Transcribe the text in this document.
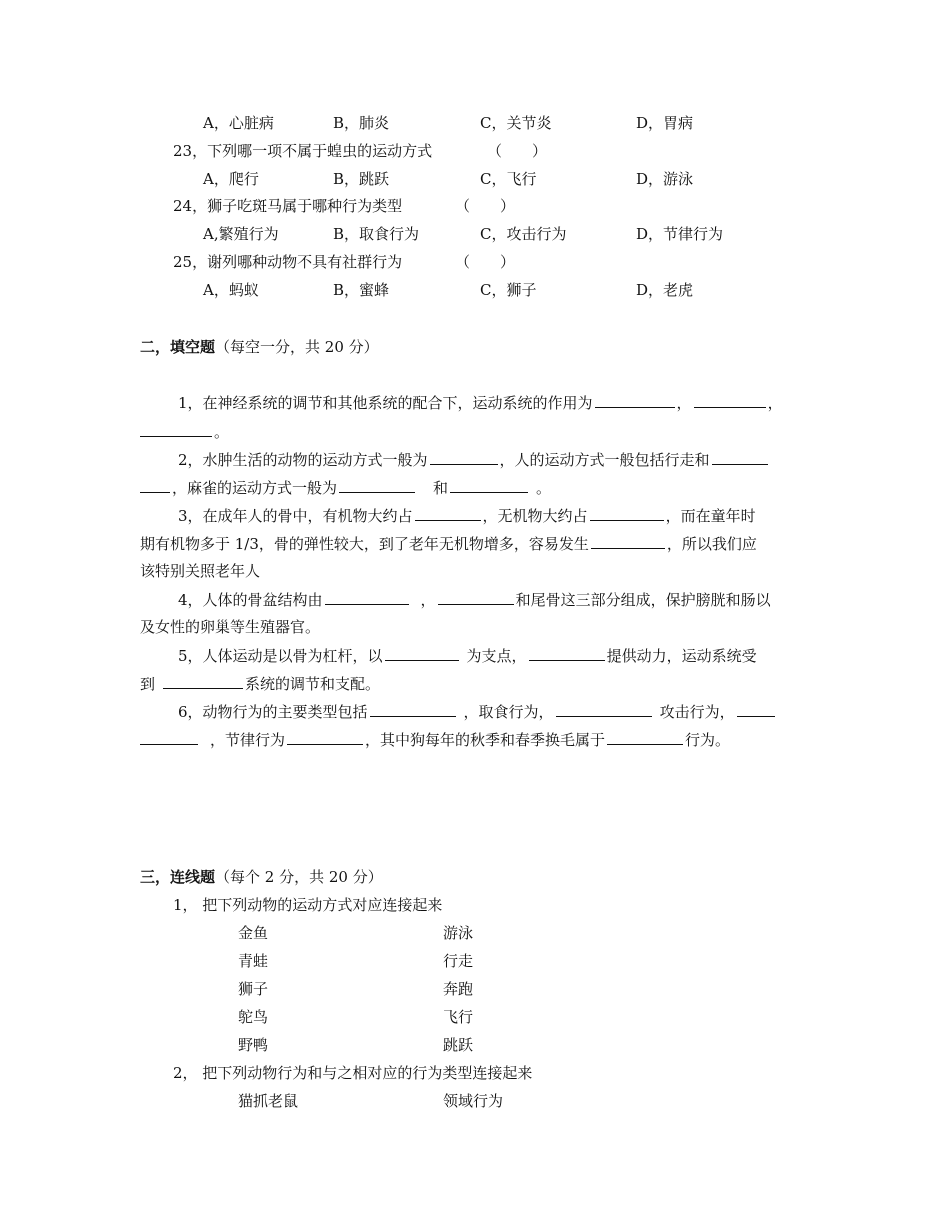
A，心脏病	B，肺炎	C，关节炎	D，胃病
23，下列哪一项不属于蝗虫的运动方式	（　　）
A，爬行	B，跳跃	C，飞行	D，游泳
24，狮子吃斑马属于哪种行为类型	（　　）
A,繁殖行为	B，取食行为	C，攻击行为	D，节律行为
25，谢列哪种动物不具有社群行为	（　　）
A，蚂蚁	B，蜜蜂	C，狮子	D，老虎
二，填空题（每空一分，共 20 分）
1，在神经系统的调节和其他系统的配合下，运动系统的作用为	，	，
。
2，水肿生活的动物的运动方式一般为	，人的运动方式一般包括行走和
，麻雀的运动方式一般为	和	。
3，在成年人的骨中，有机物大约占	，无机物大约占	，而在童年时
期有机物多于 1/3，骨的弹性较大，到了老年无机物增多，容易发生	，所以我们应
该特别关照老年人
4，人体的骨盆结构由	，	和尾骨这三部分组成，保护膀胱和肠以
及女性的卵巢等生殖器官。
5，人体运动是以骨为杠杆，以	为支点，	提供动力，运动系统受
到	系统的调节和支配。
6，动物行为的主要类型包括	，取食行为，	攻击行为，
，节律行为	，其中狗每年的秋季和春季换毛属于	行为。
三，连线题（每个 2 分，共 20 分）
1， 把下列动物的运动方式对应连接起来
金鱼	游泳
青蛙	行走
狮子	奔跑
鸵鸟	飞行
野鸭	跳跃
2， 把下列动物行为和与之相对应的行为类型连接起来
猫抓老鼠	领域行为
